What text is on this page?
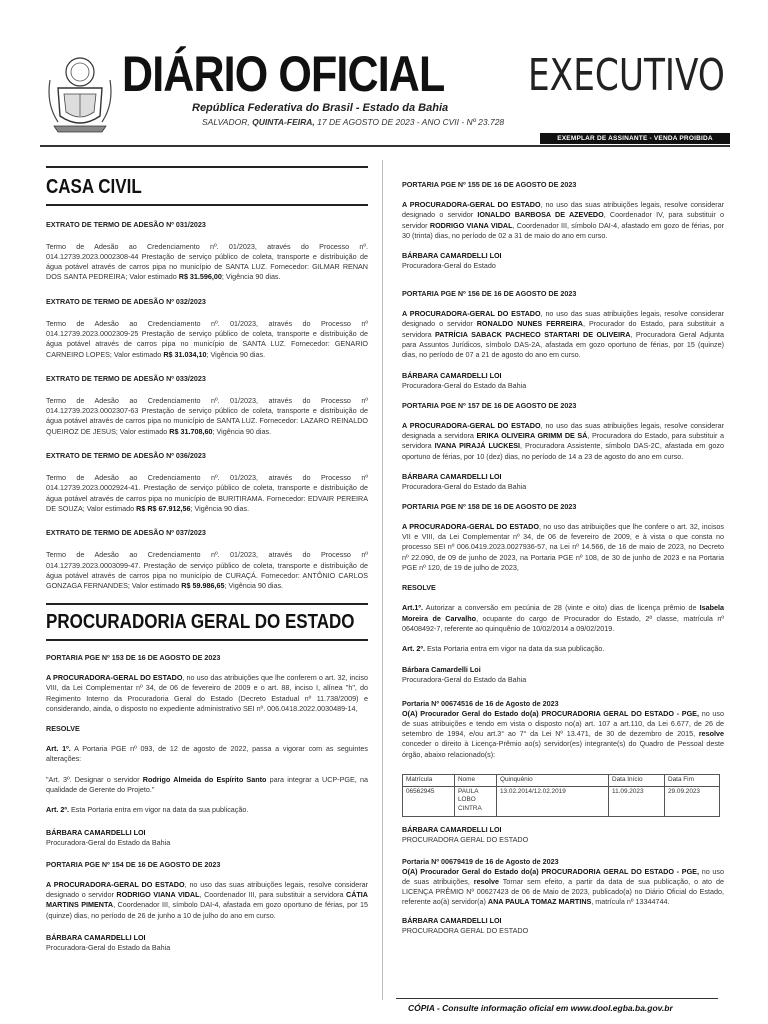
DIÁRIO OFICIAL EXECUTIVO
República Federativa do Brasil - Estado da Bahia
SALVADOR, QUINTA-FEIRA, 17 DE AGOSTO DE 2023 - ANO CVII - Nº 23.728
EXEMPLAR DE ASSINANTE - VENDA PROIBIDA
CASA CIVIL
EXTRATO DE TERMO DE ADESÃO Nº 031/2023
Termo de Adesão ao Credenciamento nº. 01/2023, através do Processo nº. 014.12739.2023.0002308-44 Prestação de serviço público de coleta, transporte e distribuição de água potável através de carros pipa no município de SANTA LUZ. Fornecedor: GILMAR RENAN DOS SANTA PEDREIRA; Valor estimado R$ 31.596,00; Vigência 90 dias.
EXTRATO DE TERMO DE ADESÃO Nº 032/2023
Termo de Adesão ao Credenciamento nº. 01/2023, através do Processo nº 014.12739.2023.0002309-25 Prestação de serviço público de coleta, transporte e distribuição de água potável através de carros pipa no município de SANTA LUZ. Fornecedor: GENARIO CARNEIRO LOPES; Valor estimado R$ 31.034,10; Vigência 90 dias.
EXTRATO DE TERMO DE ADESÃO Nº 033/2023
Termo de Adesão ao Credenciamento nº. 01/2023, através do Processo nº 014.12739.2023.0002307-63 Prestação de serviço público de coleta, transporte e distribuição de água potável através de carros pipa no município de SANTA LUZ. Fornecedor: LAZARO REINALDO QUEIROZ DE JESUS; Valor estimado R$ 31.708,60; Vigência 90 dias.
EXTRATO DE TERMO DE ADESÃO Nº 036/2023
Termo de Adesão ao Credenciamento nº. 01/2023, através do Processo nº 014.12739.2023.0002924-41. Prestação de serviço público de coleta, transporte e distribuição de água potável através de carros pipa no município de BURITIRAMA. Fornecedor: EDVAIR PEREIRA DE SOUZA; Valor estimado R$ R$ 67.912,56; Vigência 90 dias.
EXTRATO DE TERMO DE ADESÃO Nº 037/2023
Termo de Adesão ao Credenciamento nº. 01/2023, através do Processo nº 014.12739.2023.0003099-47. Prestação de serviço público de coleta, transporte e distribuição de água potável através de carros pipa no município de CURAÇÁ. Fornecedor: ANTÔNIO CARLOS GONZAGA FERNANDES; Valor estimado R$ 59.986,65; Vigência 90 dias.
PROCURADORIA GERAL DO ESTADO
PORTARIA PGE Nº 153 DE 16 DE AGOSTO DE 2023
A PROCURADORA-GERAL DO ESTADO, no uso das atribuições que lhe conferem o art. 32, inciso VIII, da Lei Complementar nº 34, de 06 de fevereiro de 2009 e o art. 88, inciso I, alínea "h", do Regimento Interno da Procuradoria Geral do Estado (Decreto Estadual nº 11.738/2009) e considerando, ainda, o disposto no expediente administrativo SEI nº. 006.0418.2022.0030489-14,
RESOLVE
Art. 1º. A Portaria PGE nº 093, de 12 de agosto de 2022, passa a vigorar com as seguintes alterações:
"Art. 3º. Designar o servidor Rodrigo Almeida do Espírito Santo para integrar a UCP-PGE, na qualidade de Gerente do Projeto."
Art. 2º. Esta Portaria entra em vigor na data da sua publicação.
BÁRBARA CAMARDELLI LOI
Procuradora-Geral do Estado da Bahia
PORTARIA PGE Nº 154 DE 16 DE AGOSTO DE 2023
A PROCURADORA-GERAL DO ESTADO, no uso das suas atribuições legais, resolve considerar designado o servidor RODRIGO VIANA VIDAL, Coordenador III, para substituir a servidora CÁTIA MARTINS PIMENTA, Coordenador III, símbolo DAI-4, afastada em gozo oportuno de férias, por 15 (quinze) dias, no período de 26 de junho a 10 de julho do ano em curso.
BÁRBARA CAMARDELLI LOI
Procuradora-Geral do Estado da Bahia
PORTARIA PGE Nº 155 DE 16 DE AGOSTO DE 2023
A PROCURADORA-GERAL DO ESTADO, no uso das suas atribuições legais, resolve considerar designado o servidor IONALDO BARBOSA DE AZEVEDO, Coordenador IV, para substituir o servidor RODRIGO VIANA VIDAL, Coordenador III, símbolo DAI-4, afastado em gozo de férias, por 30 (trinta) dias, no período de 02 a 31 de maio do ano em curso.
BÁRBARA CAMARDELLI LOI
Procuradora-Geral do Estado
PORTARIA PGE Nº 156 DE 16 DE AGOSTO DE 2023
A PROCURADORA-GERAL DO ESTADO, no uso das suas atribuições legais, resolve considerar designado o servidor RONALDO NUNES FERREIRA, Procurador do Estado, para substituir a servidora PATRÍCIA SABACK PACHECO STARTARI DE OLIVEIRA, Procuradora Geral Adjunta para Assuntos Jurídicos, símbolo DAS-2A, afastada em gozo oportuno de férias, por 15 (quinze) dias, no período de 07 a 21 de agosto do ano em curso.
BÁRBARA CAMARDELLI LOI
Procuradora-Geral do Estado da Bahia
PORTARIA PGE Nº 157 DE 16 DE AGOSTO DE 2023
A PROCURADORA-GERAL DO ESTADO, no uso das suas atribuições legais, resolve considerar designada a servidora ERIKA OLIVEIRA GRIMM DE SÁ, Procuradora do Estado, para substituir a servidora IVANA PIRAJÁ LUCKESI, Procuradora Assistente, símbolo DAS-2C, afastada em gozo oportuno de férias, por 10 (dez) dias, no período de 14 a 23 de agosto do ano em curso.
BÁRBARA CAMARDELLI LOI
Procuradora-Geral do Estado da Bahia
PORTARIA PGE Nº 158 DE 16 DE AGOSTO DE 2023
A PROCURADORA-GERAL DO ESTADO, no uso das atribuições que lhe confere o art. 32, incisos VII e VIII, da Lei Complementar nº 34, de 06 de fevereiro de 2009, e à vista o que consta no processo SEI nº 006.0419.2023.0027936-57, na Lei nº 14.566, de 16 de maio de 2023, no Decreto nº 22.090, de 09 de junho de 2023, na Portaria PGE nº 108, de 30 de junho de 2023 e na Portaria PGE nº 120, de 19 de julho de 2023,
RESOLVE
Art.1º. Autorizar a conversão em pecúnia de 28 (vinte e oito) dias de licença prêmio de Isabela Moreira de Carvalho, ocupante do cargo de Procurador do Estado, 2ª classe, matrícula nº 06408492-7, referente ao quinquênio de 10/02/2014 a 09/02/2019.
Art. 2º. Esta Portaria entra em vigor na data da sua publicação.
Bárbara Camardelli Loi
Procuradora-Geral do Estado da Bahia
Portaria Nº 00674516 de 16 de Agosto de 2023
O(A) Procurador Geral do Estado do(a) PROCURADORIA GERAL DO ESTADO - PGE, no uso de suas atribuições e tendo em vista o disposto no(a) art. 107 a art.110, da Lei 6.677, de 26 de setembro de 1994, e/ou art.3° ao 7° da Lei Nº 13.471, de 30 de dezembro de 2015, resolve conceder o direito à Licença-Prêmio ao(s) servidor(es) integrante(s) do Quadro de Pessoal deste órgão, abaixo relacionado(s):
Matrícula	Nome	Quinquênio	Data Início	Data Fim
06562945	PAULA LOBO CINTRA	13.02.2014/12.02.2019	11.09.2023	29.09.2023
BÁRBARA CAMARDELLI LOI
PROCURADORA GERAL DO ESTADO
Portaria Nº 00679419 de 16 de Agosto de 2023
O(A) Procurador Geral do Estado do(a) PROCURADORIA GERAL DO ESTADO - PGE, no uso de suas atribuições, resolve Tornar sem efeito, a partir da data de sua publicação, o ato de LICENÇA PRÊMIO Nº 00627423 de 06 de Maio de 2023, publicado(a) no Diário Oficial do Estado, referente ao(à) servidor(a) ANA PAULA TOMAZ MARTINS, matrícula nº 13344744.
BÁRBARA CAMARDELLI LOI
PROCURADORA GERAL DO ESTADO
CÓPIA - Consulte informação oficial em www.dool.egba.ba.gov.br
